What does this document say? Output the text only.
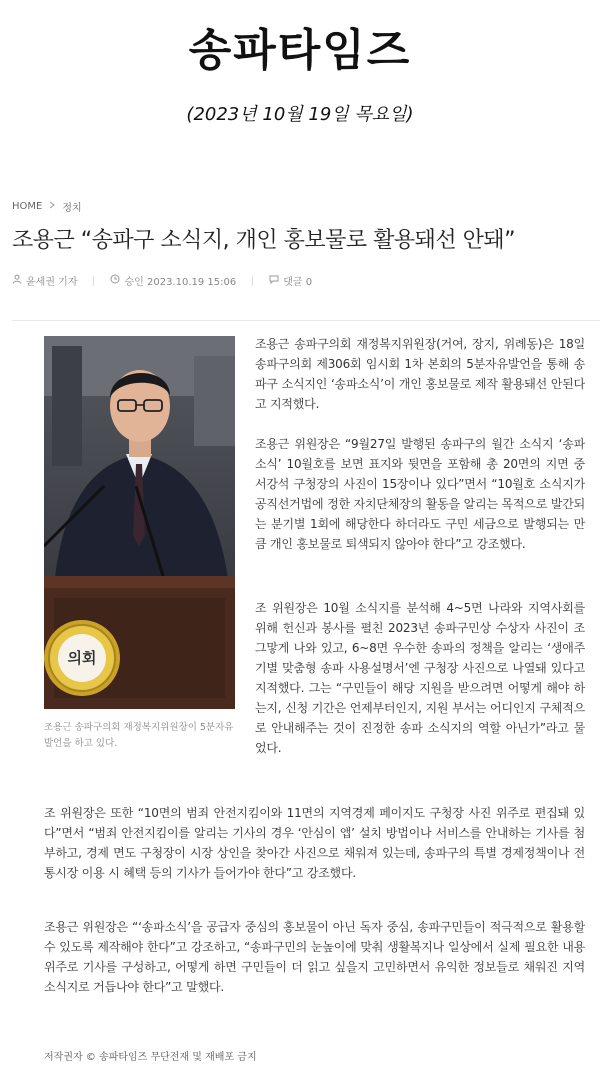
송파타임즈
(2023년 10월 19일 목요일)
HOME 정치
조용근 “송파구 소식지, 개인 홍보물로 활용돼선 안돼”
윤세권 기자	승인 2023.10.19 15:06	댓글 0
의회
조용근 송파구의회 재정복지위원장이 5분자유발언을 하고 있다.

조용근 송파구의회 재정복지위원장(거여, 장지, 위례동)은 18일 송파구의회 제306회 임시회 1차 본회의 5분자유발언을 통해 송파구 소식지인 ‘송파소식’이 개인 홍보물로 제작 활용돼선 안된다고 지적했다.

조용근 위원장은 “9월27일 발행된 송파구의 월간 소식지 ‘송파소식’ 10월호를 보면 표지와 뒷면을 포함해 총 20면의 지면 중 서강석 구청장의 사진이 15장이나 있다”면서 “10월호 소식지가 공직선거법에 정한 자치단체장의 활동을 알리는 목적으로 발간되는 분기별 1회에 해당한다 하더라도 구민 세금으로 발행되는 만큼 개인 홍보물로 퇴색되지 않아야 한다”고 강조했다.

조 위원장은 10월 소식지를 분석해 4~5면 나라와 지역사회를 위해 헌신과 봉사를 펼친 2023년 송파구민상 수상자 사진이 조그맣게 나와 있고, 6~8면 우수한 송파의 정책을 알리는 ‘생애주기별 맞춤형 송파 사용설명서’엔 구청장 사진으로 나열돼 있다고 지적했다. 그는 “구민들이 해당 지원을 받으려면 어떻게 해야 하는지, 신청 기간은 언제부터인지, 지원 부서는 어디인지 구체적으로 안내해주는 것이 진정한 송파 소식지의 역할 아닌가”라고 물었다.

조 위원장은 또한 “10면의 범죄 안전지킴이와 11면의 지역경제 페이지도 구청장 사진 위주로 편집돼 있다”면서 “범죄 안전지킴이를 알리는 기사의 경우 ‘안심이 앱’ 설치 방법이나 서비스를 안내하는 기사를 첨부하고, 경제 면도 구청장이 시장 상인을 찾아간 사진으로 채워져 있는데, 송파구의 특별 경제정책이나 전통시장 이용 시 혜택 등의 기사가 들어가야 한다”고 강조했다.

조용근 위원장은 “‘송파소식’을 공급자 중심의 홍보물이 아닌 독자 중심, 송파구민들이 적극적으로 활용할 수 있도록 제작해야 한다”고 강조하고, “송파구민의 눈높이에 맞춰 생활복지나 일상에서 실제 필요한 내용 위주로 기사를 구성하고, 어떻게 하면 구민들이 더 읽고 싶을지 고민하면서 유익한 정보들로 채워진 지역 소식지로 거듭나야 한다”고 말했다.

저작권자 © 송파타임즈 무단전재 및 재배포 금지
